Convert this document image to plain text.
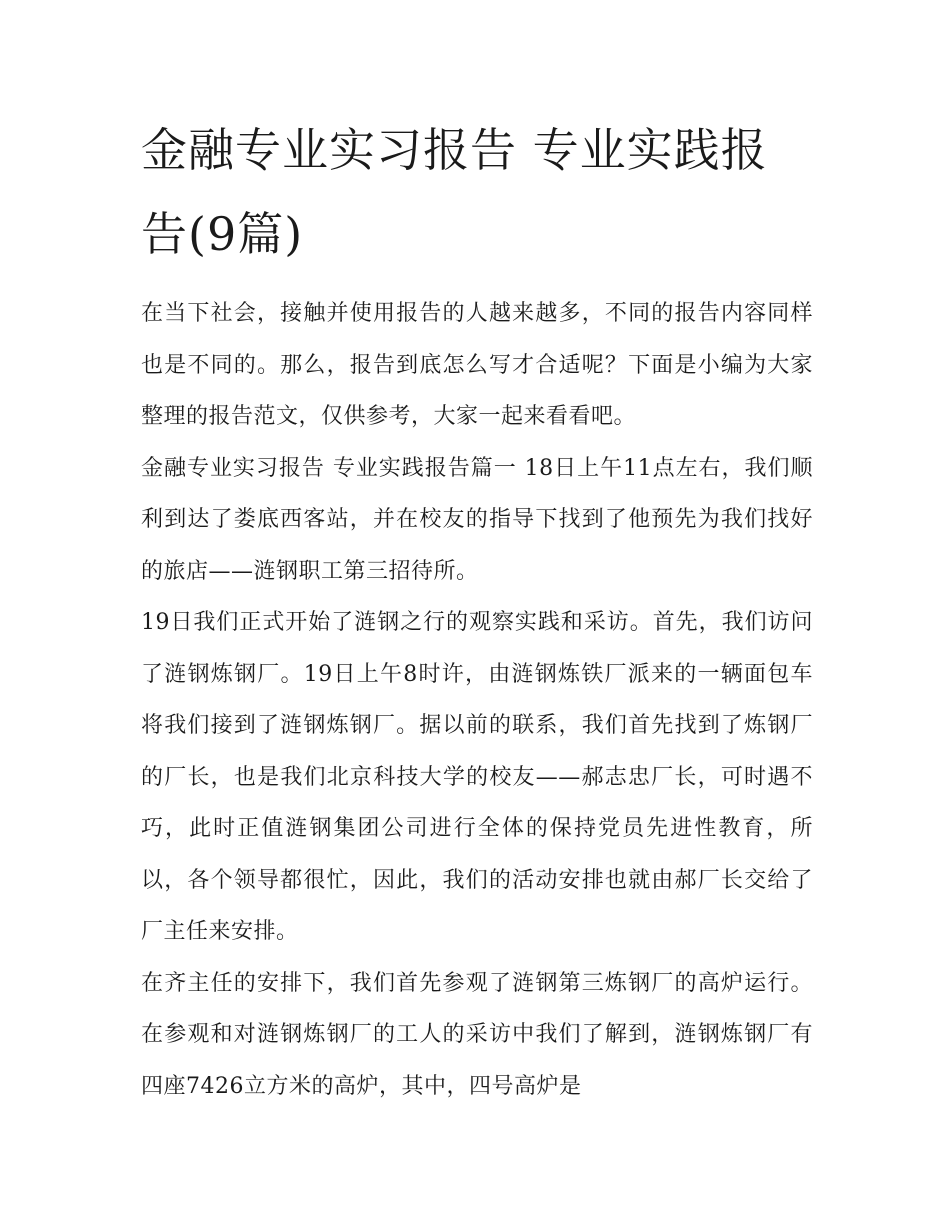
金融专业实习报告 专业实践报告(9篇)

在当下社会，接触并使用报告的人越来越多，不同的报告内容同样也是不同的。那么，报告到底怎么写才合适呢？下面是小编为大家整理的报告范文，仅供参考，大家一起来看看吧。

金融专业实习报告 专业实践报告篇一 18日上午11点左右，我们顺利到达了娄底西客站，并在校友的指导下找到了他预先为我们找好的旅店——涟钢职工第三招待所。

19日我们正式开始了涟钢之行的观察实践和采访。首先，我们访问了涟钢炼钢厂。19日上午8时许，由涟钢炼铁厂派来的一辆面包车将我们接到了涟钢炼钢厂。据以前的联系，我们首先找到了炼钢厂的厂长，也是我们北京科技大学的校友——郝志忠厂长，可时遇不巧，此时正值涟钢集团公司进行全体的保持党员先进性教育，所以，各个领导都很忙，因此，我们的活动安排也就由郝厂长交给了厂主任来安排。

在齐主任的安排下，我们首先参观了涟钢第三炼钢厂的高炉运行。在参观和对涟钢炼钢厂的工人的采访中我们了解到，涟钢炼钢厂有四座7426立方米的高炉，其中，四号高炉是
